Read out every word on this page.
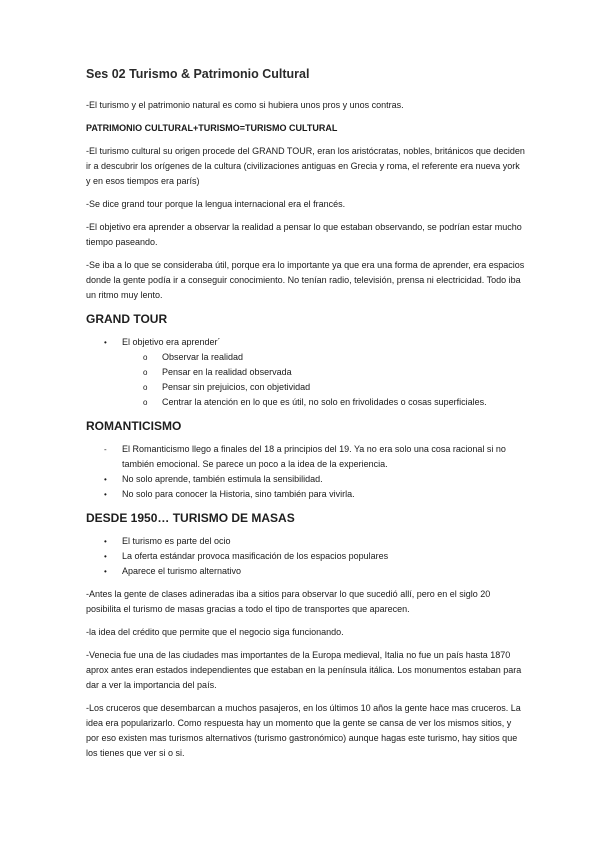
Ses 02 Turismo & Patrimonio Cultural

-El turismo y el patrimonio natural es como si hubiera unos pros y unos contras.

PATRIMONIO CULTURAL+TURISMO=TURISMO CULTURAL

-El turismo cultural su origen procede del GRAND TOUR, eran los aristócratas, nobles, británicos que deciden ir a descubrir los orígenes de la cultura (civilizaciones antiguas en Grecia y roma, el referente era nueva york y en esos tiempos era parís)

-Se dice grand tour porque la lengua internacional era el francés.

-El objetivo era aprender a observar la realidad a pensar lo que estaban observando, se podrían estar mucho tiempo paseando.

-Se iba a lo que se consideraba útil, porque era lo importante ya que era una forma de aprender, era espacios donde la gente podía ir a conseguir conocimiento. No tenían radio, televisión, prensa ni electricidad. Todo iba un ritmo muy lento.

GRAND TOUR
• El objetivo era aprender´
o Observar la realidad
o Pensar en la realidad observada
o Pensar sin prejuicios, con objetividad
o Centrar la atención en lo que es útil, no solo en frivolidades o cosas superficiales.
ROMANTICISMO
- El Romanticismo llego a finales del 18 a principios del 19. Ya no era solo una cosa racional si no también emocional. Se parece un poco a la idea de la experiencia.
• No solo aprende, también estimula la sensibilidad.
• No solo para conocer la Historia, sino también para vivirla.
DESDE 1950… TURISMO DE MASAS
• El turismo es parte del ocio
• La oferta estándar provoca masificación de los espacios populares
• Aparece el turismo alternativo

-Antes la gente de clases adineradas iba a sitios para observar lo que sucedió allí, pero en el siglo 20 posibilita el turismo de masas gracias a todo el tipo de transportes que aparecen.

-la idea del crédito que permite que el negocio siga funcionando.

-Venecia fue una de las ciudades mas importantes de la Europa medieval, Italia no fue un país hasta 1870 aprox antes eran estados independientes que estaban en la península itálica. Los monumentos estaban para dar a ver la importancia del país.

-Los cruceros que desembarcan a muchos pasajeros, en los últimos 10 años la gente hace mas cruceros. La idea era popularizarlo. Como respuesta hay un momento que la gente se cansa de ver los mismos sitios, y por eso existen mas turismos alternativos (turismo gastronómico) aunque hagas este turismo, hay sitios que los tienes que ver si o si.
